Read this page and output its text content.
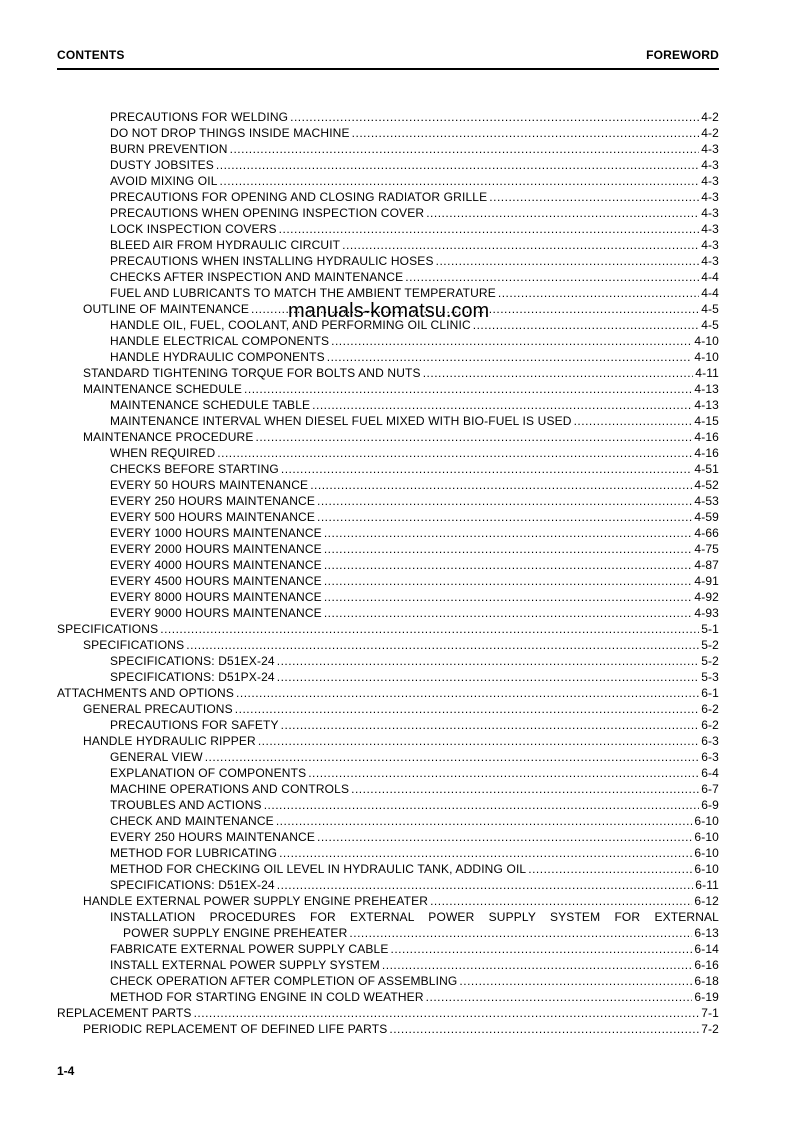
CONTENTS	FOREWORD
PRECAUTIONS FOR WELDING .....	4-2
DO NOT DROP THINGS INSIDE MACHINE .....	4-2
BURN PREVENTION .....	4-3
DUSTY JOBSITES .....	4-3
AVOID MIXING OIL .....	4-3
PRECAUTIONS FOR OPENING AND CLOSING RADIATOR GRILLE .....	4-3
PRECAUTIONS WHEN OPENING INSPECTION COVER .....	4-3
LOCK INSPECTION COVERS .....	4-3
BLEED AIR FROM HYDRAULIC CIRCUIT .....	4-3
PRECAUTIONS WHEN INSTALLING HYDRAULIC HOSES .....	4-3
CHECKS AFTER INSPECTION AND MAINTENANCE .....	4-4
FUEL AND LUBRICANTS TO MATCH THE AMBIENT TEMPERATURE .....	4-4
OUTLINE OF MAINTENANCE .....	4-5
HANDLE OIL, FUEL, COOLANT, AND PERFORMING OIL CLINIC .....	4-5
HANDLE ELECTRICAL COMPONENTS .....	4-10
HANDLE HYDRAULIC COMPONENTS .....	4-10
STANDARD TIGHTENING TORQUE FOR BOLTS AND NUTS .....	4-11
MAINTENANCE SCHEDULE .....	4-13
MAINTENANCE SCHEDULE TABLE .....	4-13
MAINTENANCE INTERVAL WHEN DIESEL FUEL MIXED WITH BIO-FUEL IS USED .....	4-15
MAINTENANCE PROCEDURE .....	4-16
WHEN REQUIRED .....	4-16
CHECKS BEFORE STARTING .....	4-51
EVERY 50 HOURS MAINTENANCE .....	4-52
EVERY 250 HOURS MAINTENANCE .....	4-53
EVERY 500 HOURS MAINTENANCE .....	4-59
EVERY 1000 HOURS MAINTENANCE .....	4-66
EVERY 2000 HOURS MAINTENANCE .....	4-75
EVERY 4000 HOURS MAINTENANCE .....	4-87
EVERY 4500 HOURS MAINTENANCE .....	4-91
EVERY 8000 HOURS MAINTENANCE .....	4-92
EVERY 9000 HOURS MAINTENANCE .....	4-93
SPECIFICATIONS .....	5-1
SPECIFICATIONS .....	5-2
SPECIFICATIONS: D51EX-24 .....	5-2
SPECIFICATIONS: D51PX-24 .....	5-3
ATTACHMENTS AND OPTIONS .....	6-1
GENERAL PRECAUTIONS .....	6-2
PRECAUTIONS FOR SAFETY .....	6-2
HANDLE HYDRAULIC RIPPER .....	6-3
GENERAL VIEW .....	6-3
EXPLANATION OF COMPONENTS .....	6-4
MACHINE OPERATIONS AND CONTROLS .....	6-7
TROUBLES AND ACTIONS .....	6-9
CHECK AND MAINTENANCE .....	6-10
EVERY 250 HOURS MAINTENANCE .....	6-10
METHOD FOR LUBRICATING .....	6-10
METHOD FOR CHECKING OIL LEVEL IN HYDRAULIC TANK, ADDING OIL .....	6-10
SPECIFICATIONS: D51EX-24 .....	6-11
HANDLE EXTERNAL POWER SUPPLY ENGINE PREHEATER .....	6-12
INSTALLATION PROCEDURES FOR EXTERNAL POWER SUPPLY SYSTEM FOR EXTERNAL
POWER SUPPLY ENGINE PREHEATER .....	6-13
FABRICATE EXTERNAL POWER SUPPLY CABLE .....	6-14
INSTALL EXTERNAL POWER SUPPLY SYSTEM .....	6-16
CHECK OPERATION AFTER COMPLETION OF ASSEMBLING .....	6-18
METHOD FOR STARTING ENGINE IN COLD WEATHER .....	6-19
REPLACEMENT PARTS .....	7-1
PERIODIC REPLACEMENT OF DEFINED LIFE PARTS .....	7-2
manuals-komatsu.com
1-4
